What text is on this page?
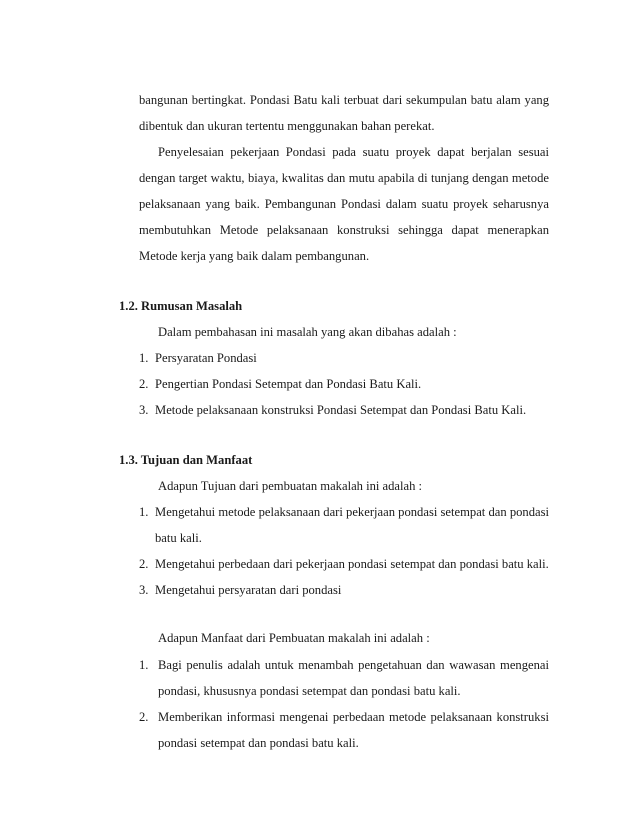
bangunan bertingkat. Pondasi Batu kali terbuat dari sekumpulan batu alam yang
dibentuk dan ukuran tertentu menggunakan bahan perekat.
Penyelesaian pekerjaan Pondasi pada suatu proyek dapat berjalan sesuai
dengan target waktu, biaya, kwalitas dan mutu apabila di tunjang dengan metode
pelaksanaan yang baik. Pembangunan Pondasi dalam suatu proyek seharusnya
membutuhkan Metode pelaksanaan konstruksi sehingga dapat menerapkan
Metode kerja yang baik dalam pembangunan.
1.2. Rumusan Masalah
Dalam pembahasan ini masalah yang akan dibahas adalah :
1. Persyaratan Pondasi
2. Pengertian Pondasi Setempat dan Pondasi Batu Kali.
3. Metode pelaksanaan konstruksi Pondasi Setempat dan Pondasi Batu Kali.
1.3. Tujuan dan Manfaat
Adapun Tujuan dari pembuatan makalah ini adalah :
1. Mengetahui metode pelaksanaan dari pekerjaan pondasi setempat dan pondasi
batu kali.
2. Mengetahui perbedaan dari pekerjaan pondasi setempat dan pondasi batu kali.
3. Mengetahui persyaratan dari pondasi
Adapun Manfaat dari Pembuatan makalah ini adalah :
1. Bagi penulis adalah untuk menambah pengetahuan dan wawasan mengenai
pondasi, khususnya pondasi setempat dan pondasi batu kali.
2. Memberikan informasi mengenai perbedaan metode pelaksanaan konstruksi
pondasi setempat dan pondasi batu kali.
